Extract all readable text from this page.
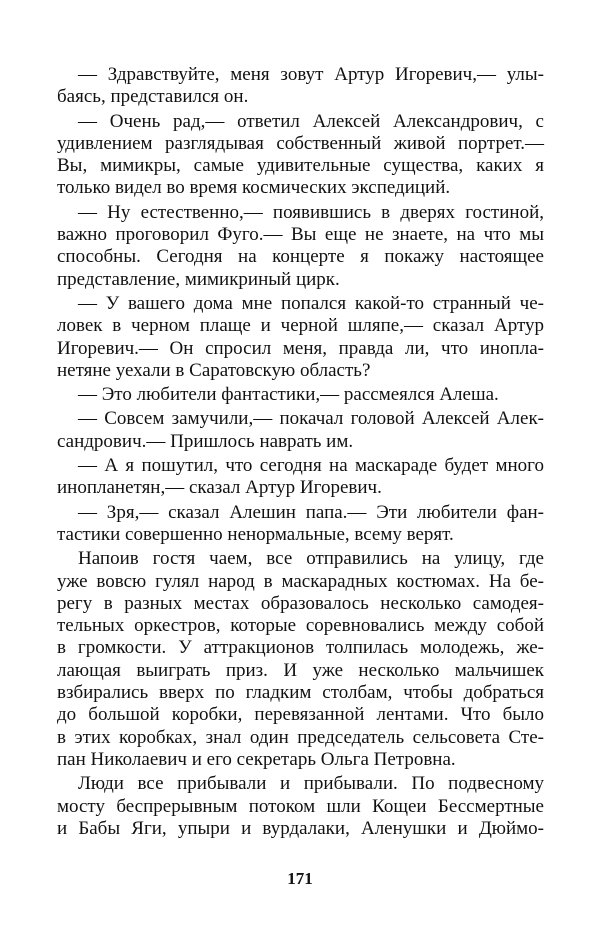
— Здравствуйте, меня зовут Артур Игоревич,— улы-
баясь, представился он.
— Очень рад,— ответил Алексей Александрович, с
удивлением разглядывая собственный живой портрет.—
Вы, мимикры, самые удивительные существа, каких я
только видел во время космических экспедиций.
— Ну естественно,— появившись в дверях гостиной,
важно проговорил Фуго.— Вы еще не знаете, на что мы
способны. Сегодня на концерте я покажу настоящее
представление, мимикриный цирк.
— У вашего дома мне попался какой-то странный че-
ловек в черном плаще и черной шляпе,— сказал Артур
Игоревич.— Он спросил меня, правда ли, что инопла-
нетяне уехали в Саратовскую область?
— Это любители фантастики,— рассмеялся Алеша.
— Совсем замучили,— покачал головой Алексей Алек-
сандрович.— Пришлось наврать им.
— А я пошутил, что сегодня на маскараде будет много
инопланетян,— сказал Артур Игоревич.
— Зря,— сказал Алешин папа.— Эти любители фан-
тастики совершенно ненормальные, всему верят.
Напоив гостя чаем, все отправились на улицу, где
уже вовсю гулял народ в маскарадных костюмах. На бе-
регу в разных местах образовалось несколько самодея-
тельных оркестров, которые соревновались между собой
в громкости. У аттракционов толпилась молодежь, же-
лающая выиграть приз. И уже несколько мальчишек
взбирались вверх по гладким столбам, чтобы добраться
до большой коробки, перевязанной лентами. Что было
в этих коробках, знал один председатель сельсовета Сте-
пан Николаевич и его секретарь Ольга Петровна.
Люди все прибывали и прибывали. По подвесному
мосту беспрерывным потоком шли Кощеи Бессмертные
и Бабы Яги, упыри и вурдалаки, Аленушки и Дюймо-
171
